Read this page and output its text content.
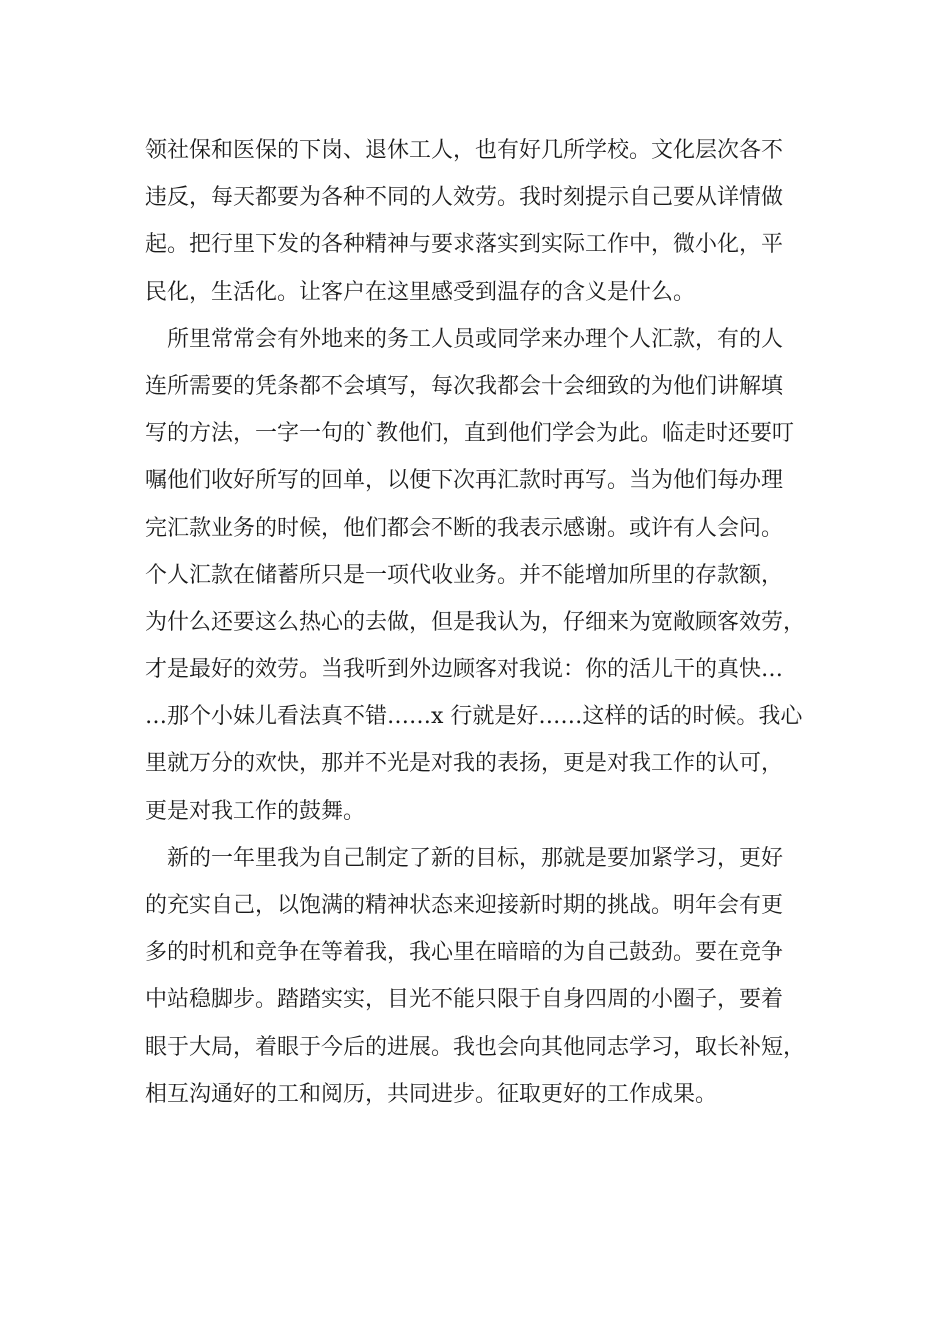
领社保和医保的下岗、退休工人，也有好几所学校。文化层次各不
违反，每天都要为各种不同的人效劳。我时刻提示自己要从详情做
起。把行里下发的各种精神与要求落实到实际工作中，微小化，平
民化，生活化。让客户在这里感受到温存的含义是什么。
所里常常会有外地来的务工人员或同学来办理个人汇款，有的人
连所需要的凭条都不会填写，每次我都会十会细致的为他们讲解填
写的方法，一字一句的`教他们，直到他们学会为此。临走时还要叮
嘱他们收好所写的回单，以便下次再汇款时再写。当为他们每办理
完汇款业务的时候，他们都会不断的我表示感谢。或许有人会问。
个人汇款在储蓄所只是一项代收业务。并不能增加所里的存款额，
为什么还要这么热心的去做，但是我认为，仔细来为宽敞顾客效劳，
才是最好的效劳。当我听到外边顾客对我说：你的活儿干的真快…
…那个小妹儿看法真不错……x 行就是好……这样的话的时候。我心
里就万分的欢快，那并不光是对我的表扬，更是对我工作的认可，
更是对我工作的鼓舞。
新的一年里我为自己制定了新的目标，那就是要加紧学习，更好
的充实自己，以饱满的精神状态来迎接新时期的挑战。明年会有更
多的时机和竞争在等着我，我心里在暗暗的为自己鼓劲。要在竞争
中站稳脚步。踏踏实实，目光不能只限于自身四周的小圈子，要着
眼于大局，着眼于今后的进展。我也会向其他同志学习，取长补短，
相互沟通好的工和阅历，共同进步。征取更好的工作成果。
